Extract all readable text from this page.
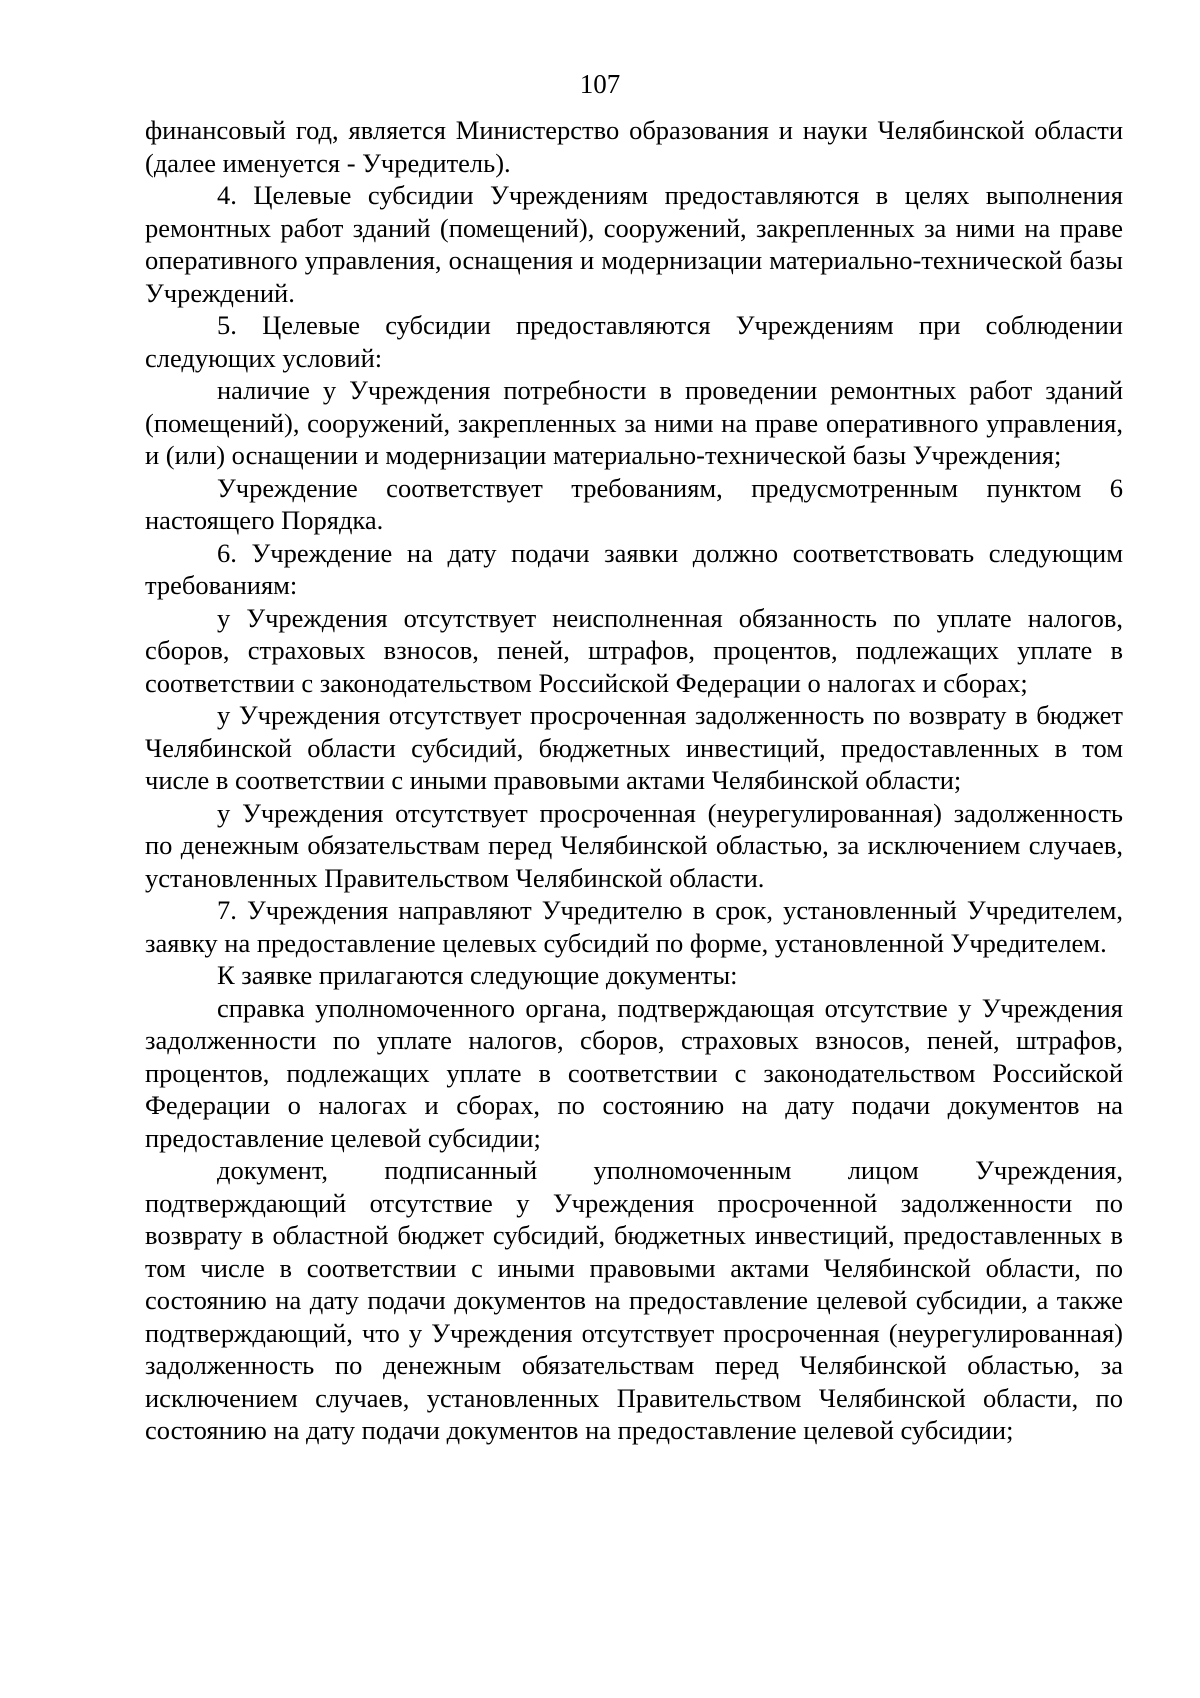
107

финансовый год, является Министерство образования и науки Челябинской области (далее именуется - Учредитель).

4. Целевые субсидии Учреждениям предоставляются в целях выполнения ремонтных работ зданий (помещений), сооружений, закрепленных за ними на праве оперативного управления, оснащения и модернизации материально-технической базы Учреждений.

5. Целевые субсидии предоставляются Учреждениям при соблюдении следующих условий:

наличие у Учреждения потребности в проведении ремонтных работ зданий (помещений), сооружений, закрепленных за ними на праве оперативного управления, и (или) оснащении и модернизации материально-технической базы Учреждения;

Учреждение соответствует требованиям, предусмотренным пунктом 6 настоящего Порядка.

6. Учреждение на дату подачи заявки должно соответствовать следующим требованиям:

у Учреждения отсутствует неисполненная обязанность по уплате налогов, сборов, страховых взносов, пеней, штрафов, процентов, подлежащих уплате в соответствии с законодательством Российской Федерации о налогах и сборах;

у Учреждения отсутствует просроченная задолженность по возврату в бюджет Челябинской области субсидий, бюджетных инвестиций, предоставленных в том числе в соответствии с иными правовыми актами Челябинской области;

у Учреждения отсутствует просроченная (неурегулированная) задолженность по денежным обязательствам перед Челябинской областью, за исключением случаев, установленных Правительством Челябинской области.

7. Учреждения направляют Учредителю в срок, установленный Учредителем, заявку на предоставление целевых субсидий по форме, установленной Учредителем.

К заявке прилагаются следующие документы:

справка уполномоченного органа, подтверждающая отсутствие у Учреждения задолженности по уплате налогов, сборов, страховых взносов, пеней, штрафов, процентов, подлежащих уплате в соответствии с законодательством Российской Федерации о налогах и сборах, по состоянию на дату подачи документов на предоставление целевой субсидии;

документ, подписанный уполномоченным лицом Учреждения, подтверждающий отсутствие у Учреждения просроченной задолженности по возврату в областной бюджет субсидий, бюджетных инвестиций, предоставленных в том числе в соответствии с иными правовыми актами Челябинской области, по состоянию на дату подачи документов на предоставление целевой субсидии, а также подтверждающий, что у Учреждения отсутствует просроченная (неурегулированная) задолженность по денежным обязательствам перед Челябинской областью, за исключением случаев, установленных Правительством Челябинской области, по состоянию на дату подачи документов на предоставление целевой субсидии;
